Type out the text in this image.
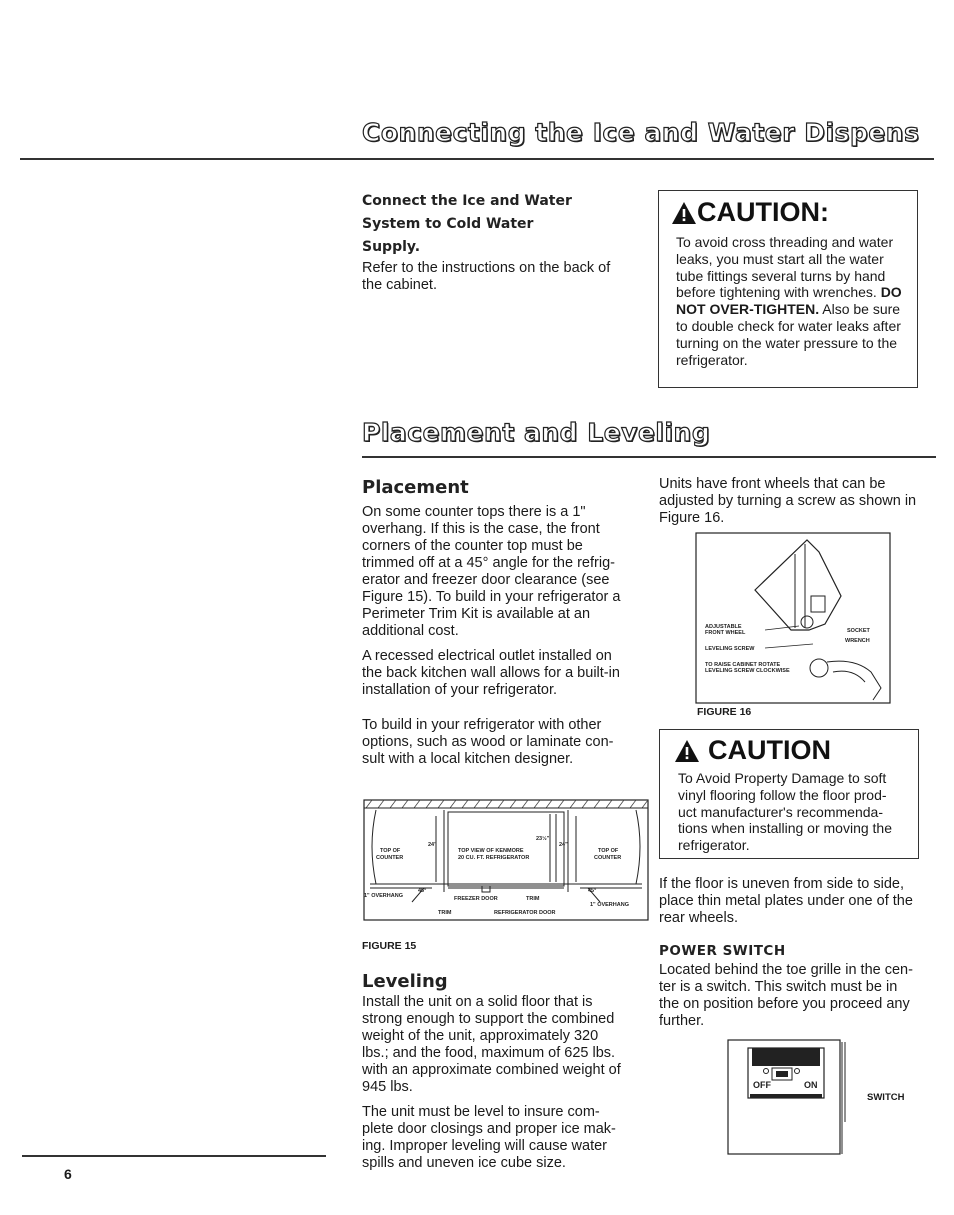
Connecting the Ice and Water Dispens
Connect the Ice and Water
System to Cold Water
Supply.

Refer to the instructions on the back of the cabinet.

CAUTION:

To avoid cross threading and water leaks, you must start all the water tube fittings several turns by hand before tightening with wrenches. DO NOT OVER-TIGHTEN. Also be sure to double check for water leaks after turning on the water pressure to the refrigerator.

Placement and Leveling
Placement

On some counter tops there is a 1" overhang. If this is the case, the front corners of the counter top must be trimmed off at a 45° angle for the refrig-erator and freezer door clearance (see Figure 15). To build in your refrigerator a Perimeter Trim Kit is available at an additional cost.

A recessed electrical outlet installed on the back kitchen wall allows for a built-in installation of your refrigerator.

To build in your refrigerator with other options, such as wood or laminate con-sult with a local kitchen designer.

TOP OF
COUNTER
TOP VIEW OF KENMORE
20 CU. FT. REFRIGERATOR
TOP OF
COUNTER
24"
23½"
24"
1" OVERHANG
45°
FREEZER DOOR	TRIM
TRIM	REFRIGERATOR DOOR
45°
1" OVERHANG

FIGURE 15

Leveling

Install the unit on a solid floor that is strong enough to support the combined weight of the unit, approximately 320 lbs.; and the food, maximum of 625 lbs. with an approximate combined weight of 945 lbs.

The unit must be level to insure com-plete door closings and proper ice mak-ing. Improper leveling will cause water spills and uneven ice cube size.

Units have front wheels that can be adjusted by turning a screw as shown in Figure 16.

ADJUSTABLE
FRONT WHEEL	SOCKET
WRENCH
LEVELING SCREW
TO RAISE CABINET ROTATE
LEVELING SCREW CLOCKWISE

FIGURE 16

CAUTION

To Avoid Property Damage to soft vinyl flooring follow the floor prod-uct manufacturer's recommenda-tions when installing or moving the refrigerator.

If the floor is uneven from side to side, place thin metal plates under one of the rear wheels.

POWER SWITCH

Located behind the toe grille in the cen-ter is a switch. This switch must be in the on position before you proceed any further.

OFF	ON

SWITCH

6
